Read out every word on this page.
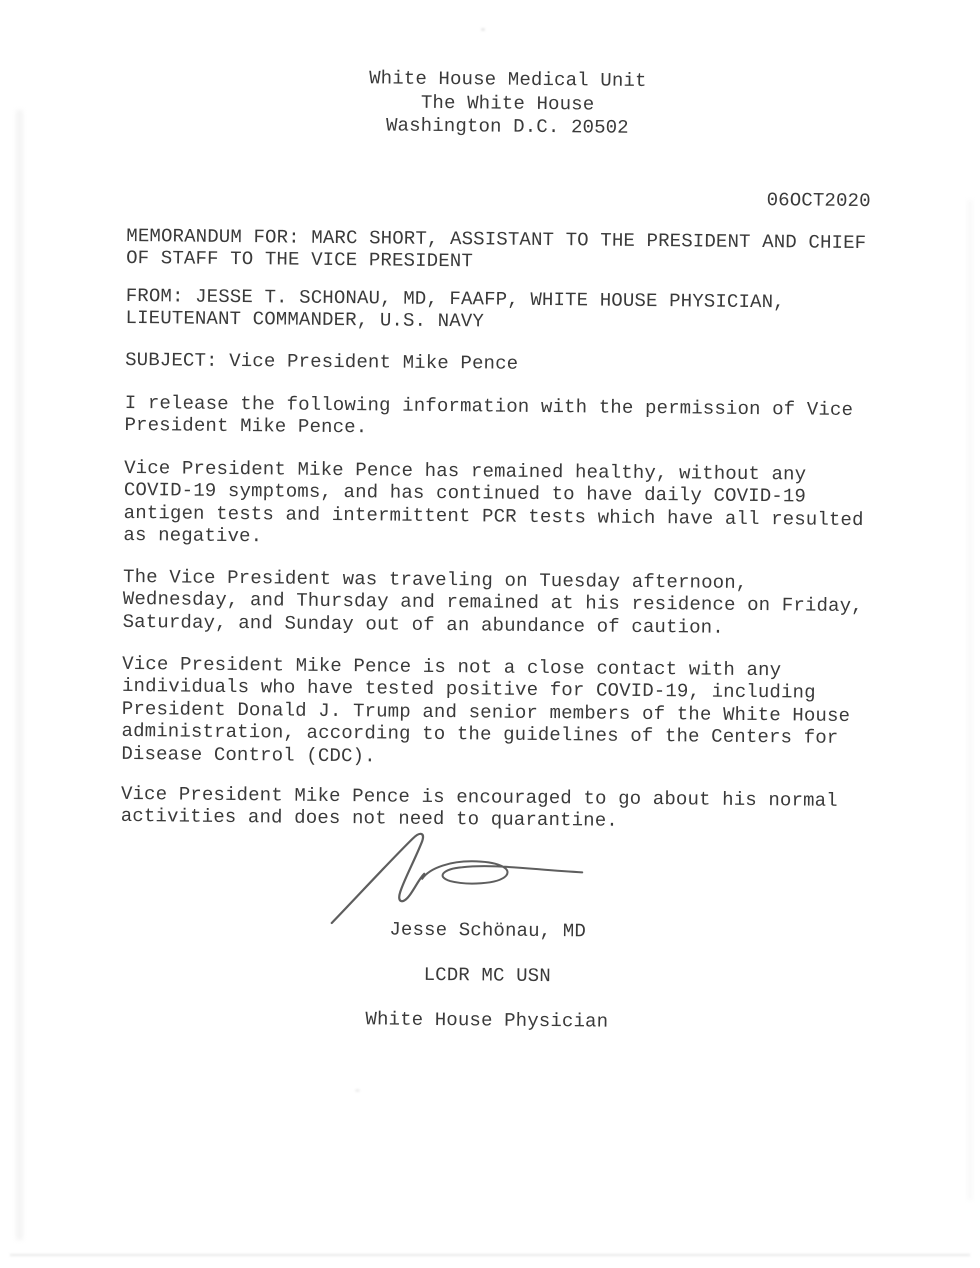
White House Medical Unit
The White House
Washington D.C. 20502
06OCT2020
MEMORANDUM FOR: MARC SHORT, ASSISTANT TO THE PRESIDENT AND CHIEF
OF STAFF TO THE VICE PRESIDENT
FROM: JESSE T. SCHONAU, MD, FAAFP, WHITE HOUSE PHYSICIAN,
LIEUTENANT COMMANDER, U.S. NAVY
SUBJECT: Vice President Mike Pence
I release the following information with the permission of Vice
President Mike Pence.
Vice President Mike Pence has remained healthy, without any
COVID-19 symptoms, and has continued to have daily COVID-19
antigen tests and intermittent PCR tests which have all resulted
as negative.
The Vice President was traveling on Tuesday afternoon,
Wednesday, and Thursday and remained at his residence on Friday,
Saturday, and Sunday out of an abundance of caution.
Vice President Mike Pence is not a close contact with any
individuals who have tested positive for COVID-19, including
President Donald J. Trump and senior members of the White House
administration, according to the guidelines of the Centers for
Disease Control (CDC).
Vice President Mike Pence is encouraged to go about his normal
activities and does not need to quarantine.

Jesse Schönau, MD

LCDR MC USN

White House Physician
